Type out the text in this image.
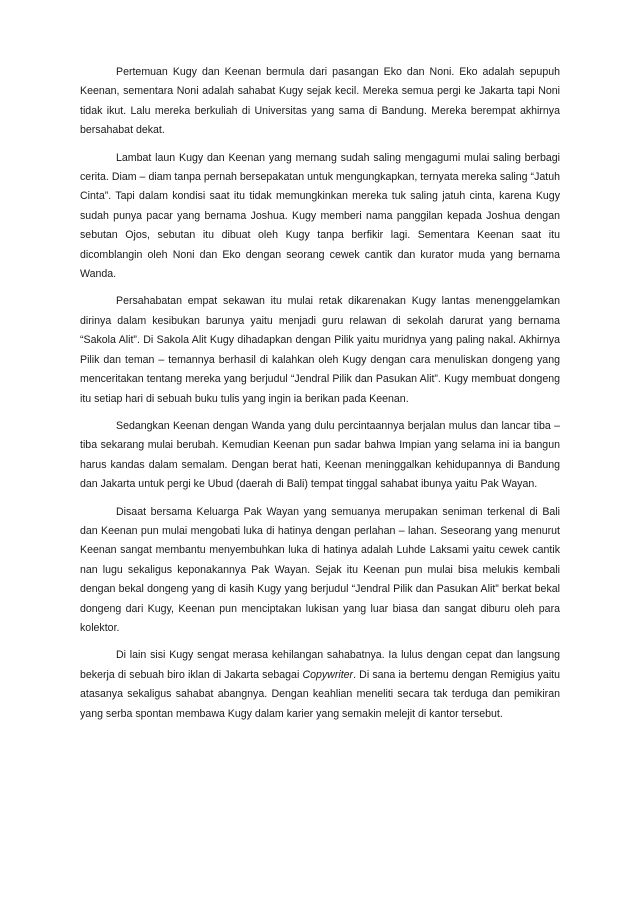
Pertemuan Kugy dan Keenan bermula dari pasangan Eko dan Noni. Eko adalah sepupuh Keenan, sementara Noni adalah sahabat Kugy sejak kecil. Mereka semua pergi ke Jakarta tapi Noni tidak ikut. Lalu mereka berkuliah di Universitas yang sama di Bandung. Mereka berempat akhirnya bersahabat dekat.

Lambat laun Kugy dan Keenan yang memang sudah saling mengagumi mulai saling berbagi cerita. Diam – diam tanpa pernah bersepakatan untuk mengungkapkan, ternyata mereka saling “Jatuh Cinta”. Tapi dalam kondisi saat itu tidak memungkinkan mereka tuk saling jatuh cinta, karena Kugy sudah punya pacar yang bernama Joshua. Kugy memberi nama panggilan kepada Joshua dengan sebutan Ojos, sebutan itu dibuat oleh Kugy tanpa berfikir lagi. Sementara Keenan saat itu dicomblangin oleh Noni dan Eko dengan seorang cewek cantik dan kurator muda yang bernama Wanda.

Persahabatan empat sekawan itu mulai retak dikarenakan Kugy lantas menenggelamkan dirinya dalam kesibukan barunya yaitu menjadi guru relawan di sekolah darurat yang bernama “Sakola Alit”. Di Sakola Alit Kugy dihadapkan dengan Pilik yaitu muridnya yang paling nakal. Akhirnya Pilik dan teman – temannya berhasil di kalahkan oleh Kugy dengan cara menuliskan dongeng yang menceritakan tentang mereka yang berjudul “Jendral Pilik dan Pasukan Alit”. Kugy membuat dongeng itu setiap hari di sebuah buku tulis yang ingin ia berikan pada Keenan.

Sedangkan Keenan dengan Wanda yang dulu percintaannya berjalan mulus dan lancar tiba – tiba sekarang mulai berubah. Kemudian Keenan pun sadar bahwa Impian yang selama ini ia bangun harus kandas dalam semalam. Dengan berat hati, Keenan meninggalkan kehidupannya di Bandung dan Jakarta untuk pergi ke Ubud (daerah di Bali) tempat tinggal sahabat ibunya yaitu Pak Wayan.

Disaat bersama Keluarga Pak Wayan yang semuanya merupakan seniman terkenal di Bali dan Keenan pun mulai mengobati luka di hatinya dengan perlahan – lahan. Seseorang yang menurut Keenan sangat membantu menyembuhkan luka di hatinya adalah Luhde Laksami yaitu cewek cantik nan lugu sekaligus keponakannya Pak Wayan. Sejak itu Keenan pun mulai bisa melukis kembali dengan bekal dongeng yang di kasih Kugy yang berjudul “Jendral Pilik dan Pasukan Alit” berkat bekal dongeng dari Kugy, Keenan pun menciptakan lukisan yang luar biasa dan sangat diburu oleh para kolektor.

Di lain sisi Kugy sengat merasa kehilangan sahabatnya. Ia lulus dengan cepat dan langsung bekerja di sebuah biro iklan di Jakarta sebagai Copywriter. Di sana ia bertemu dengan Remigius yaitu atasanya sekaligus sahabat abangnya. Dengan keahlian meneliti secara tak terduga dan pemikiran yang serba spontan membawa Kugy dalam karier yang semakin melejit di kantor tersebut.
